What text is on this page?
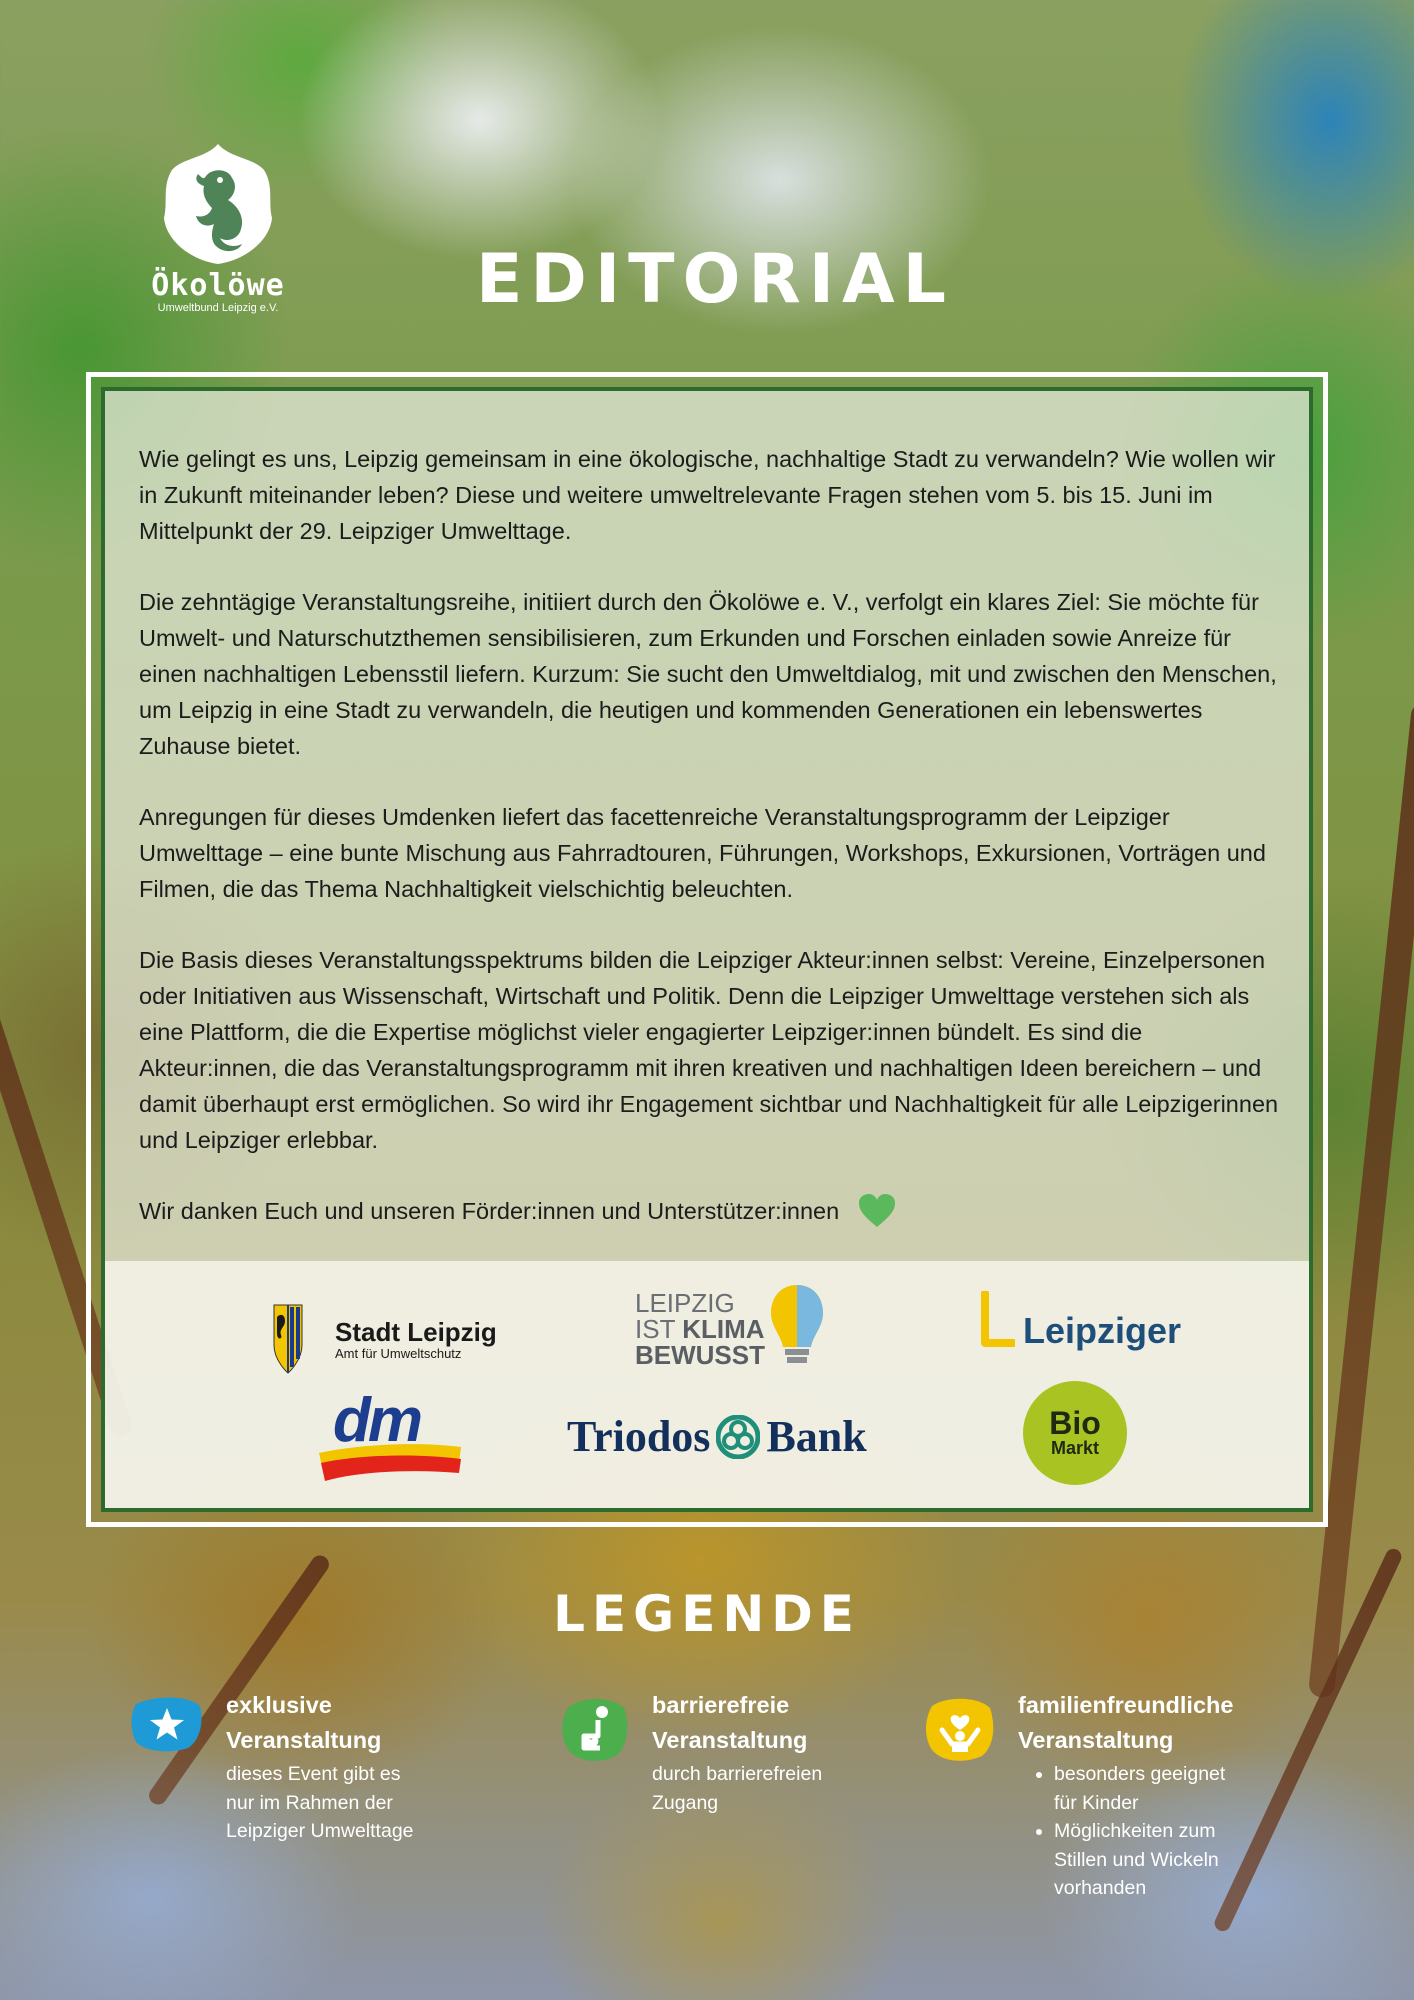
Ökolöwe
Umweltbund Leipzig e.V.	EDITORIAL

Wie gelingt es uns, Leipzig gemeinsam in eine ökologische, nachhaltige Stadt zu verwandeln? Wie wollen wir in Zukunft miteinander leben? Diese und weitere umweltrelevante Fragen stehen vom 5. bis 15. Juni im Mittelpunkt der 29. Leipziger Umwelttage.

Die zehntägige Veranstaltungsreihe, initiiert durch den Ökolöwe e. V., verfolgt ein klares Ziel: Sie möchte für Umwelt- und Naturschutzthemen sensibilisieren, zum Erkunden und Forschen einladen sowie Anreize für einen nachhaltigen Lebensstil liefern. Kurzum: Sie sucht den Umweltdialog, mit und zwischen den Menschen, um Leipzig in eine Stadt zu verwandeln, die heutigen und kommenden Generationen ein lebenswertes Zuhause bietet.

Anregungen für dieses Umdenken liefert das facettenreiche Veranstaltungsprogramm der Leipziger Umwelttage – eine bunte Mischung aus Fahrradtouren, Führungen, Workshops, Exkursionen, Vorträgen und Filmen, die das Thema Nachhaltigkeit vielschichtig beleuchten.

Die Basis dieses Veranstaltungsspektrums bilden die Leipziger Akteur:innen selbst: Vereine, Einzelpersonen oder Initiativen aus Wissenschaft, Wirtschaft und Politik. Denn die Leipziger Umwelttage verstehen sich als eine Plattform, die die Expertise möglichst vieler engagierter Leipziger:innen bündelt. Es sind die Akteur:innen, die das Veranstaltungsprogramm mit ihren kreativen und nachhaltigen Ideen bereichern – und damit überhaupt erst ermöglichen. So wird ihr Engagement sichtbar und Nachhaltigkeit für alle Leipzigerinnen und Leipziger erlebbar.

Wir danken Euch und unseren Förder:innen und Unterstützer:innen
Stadt Leipzig
Amt für Umweltschutz
LEIPZIG
IST KLIMA
BEWUSST
Leipziger
dm	Triodos Bank	Bio
Markt
LEGENDE
exklusive
Veranstaltung
dieses Event gibt es
nur im Rahmen der
Leipziger Umwelttage
barrierefreie
Veranstaltung
durch barrierefreien
Zugang
familienfreundliche
Veranstaltung
• besonders geeignet
für Kinder
• Möglichkeiten zum
Stillen und Wickeln
vorhanden
